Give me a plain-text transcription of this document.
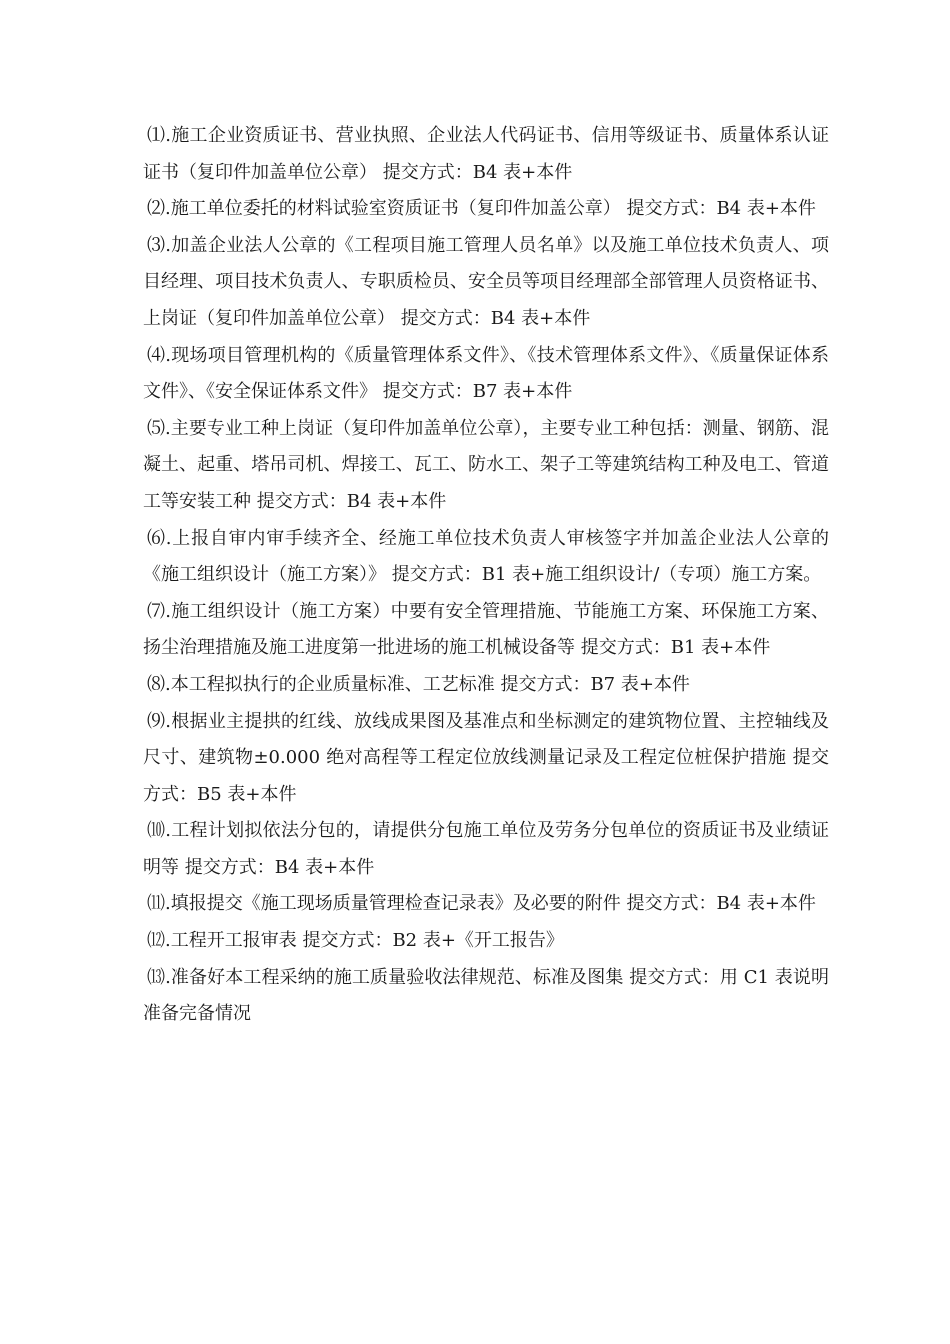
⑴.施工企业资质证书、营业执照、企业法人代码证书、信用等级证书、质量体系认证证书（复印件加盖单位公章） 提交方式：B4 表+本件

⑵.施工单位委托的材料试验室资质证书（复印件加盖公章） 提交方式：B4 表+本件

⑶.加盖企业法人公章的《工程项目施工管理人员名单》以及施工单位技术负责人、项目经理、项目技术负责人、专职质检员、安全员等项目经理部全部管理人员资格证书、上岗证（复印件加盖单位公章） 提交方式：B4 表+本件

⑷.现场项目管理机构的《质量管理体系文件》、《技术管理体系文件》、《质量保证体系文件》、《安全保证体系文件》 提交方式：B7 表+本件

⑸.主要专业工种上岗证（复印件加盖单位公章），主要专业工种包括：测量、钢筋、混凝土、起重、塔吊司机、焊接工、瓦工、防水工、架子工等建筑结构工种及电工、管道工等安装工种 提交方式：B4 表+本件

⑹.上报自审内审手续齐全、经施工单位技术负责人审核签字并加盖企业法人公章的《施工组织设计（施工方案）》 提交方式：B1 表+施工组织设计/（专项）施工方案。

⑺.施工组织设计（施工方案）中要有安全管理措施、节能施工方案、环保施工方案、扬尘治理措施及施工进度第一批进场的施工机械设备等 提交方式：B1 表+本件

⑻.本工程拟执行的企业质量标准、工艺标准 提交方式：B7 表+本件

⑼.根据业主提拱的红线、放线成果图及基准点和坐标测定的建筑物位置、主控轴线及尺寸、建筑物±0.000 绝对高程等工程定位放线测量记录及工程定位桩保护措施 提交方式：B5 表+本件

⑽.工程计划拟依法分包的，请提供分包施工单位及劳务分包单位的资质证书及业绩证明等 提交方式：B4 表+本件

⑾.填报提交《施工现场质量管理检查记录表》及必要的附件 提交方式：B4 表+本件

⑿.工程开工报审表 提交方式：B2 表+《开工报告》

⒀.准备好本工程采纳的施工质量验收法律规范、标准及图集 提交方式：用 C1 表说明准备完备情况
